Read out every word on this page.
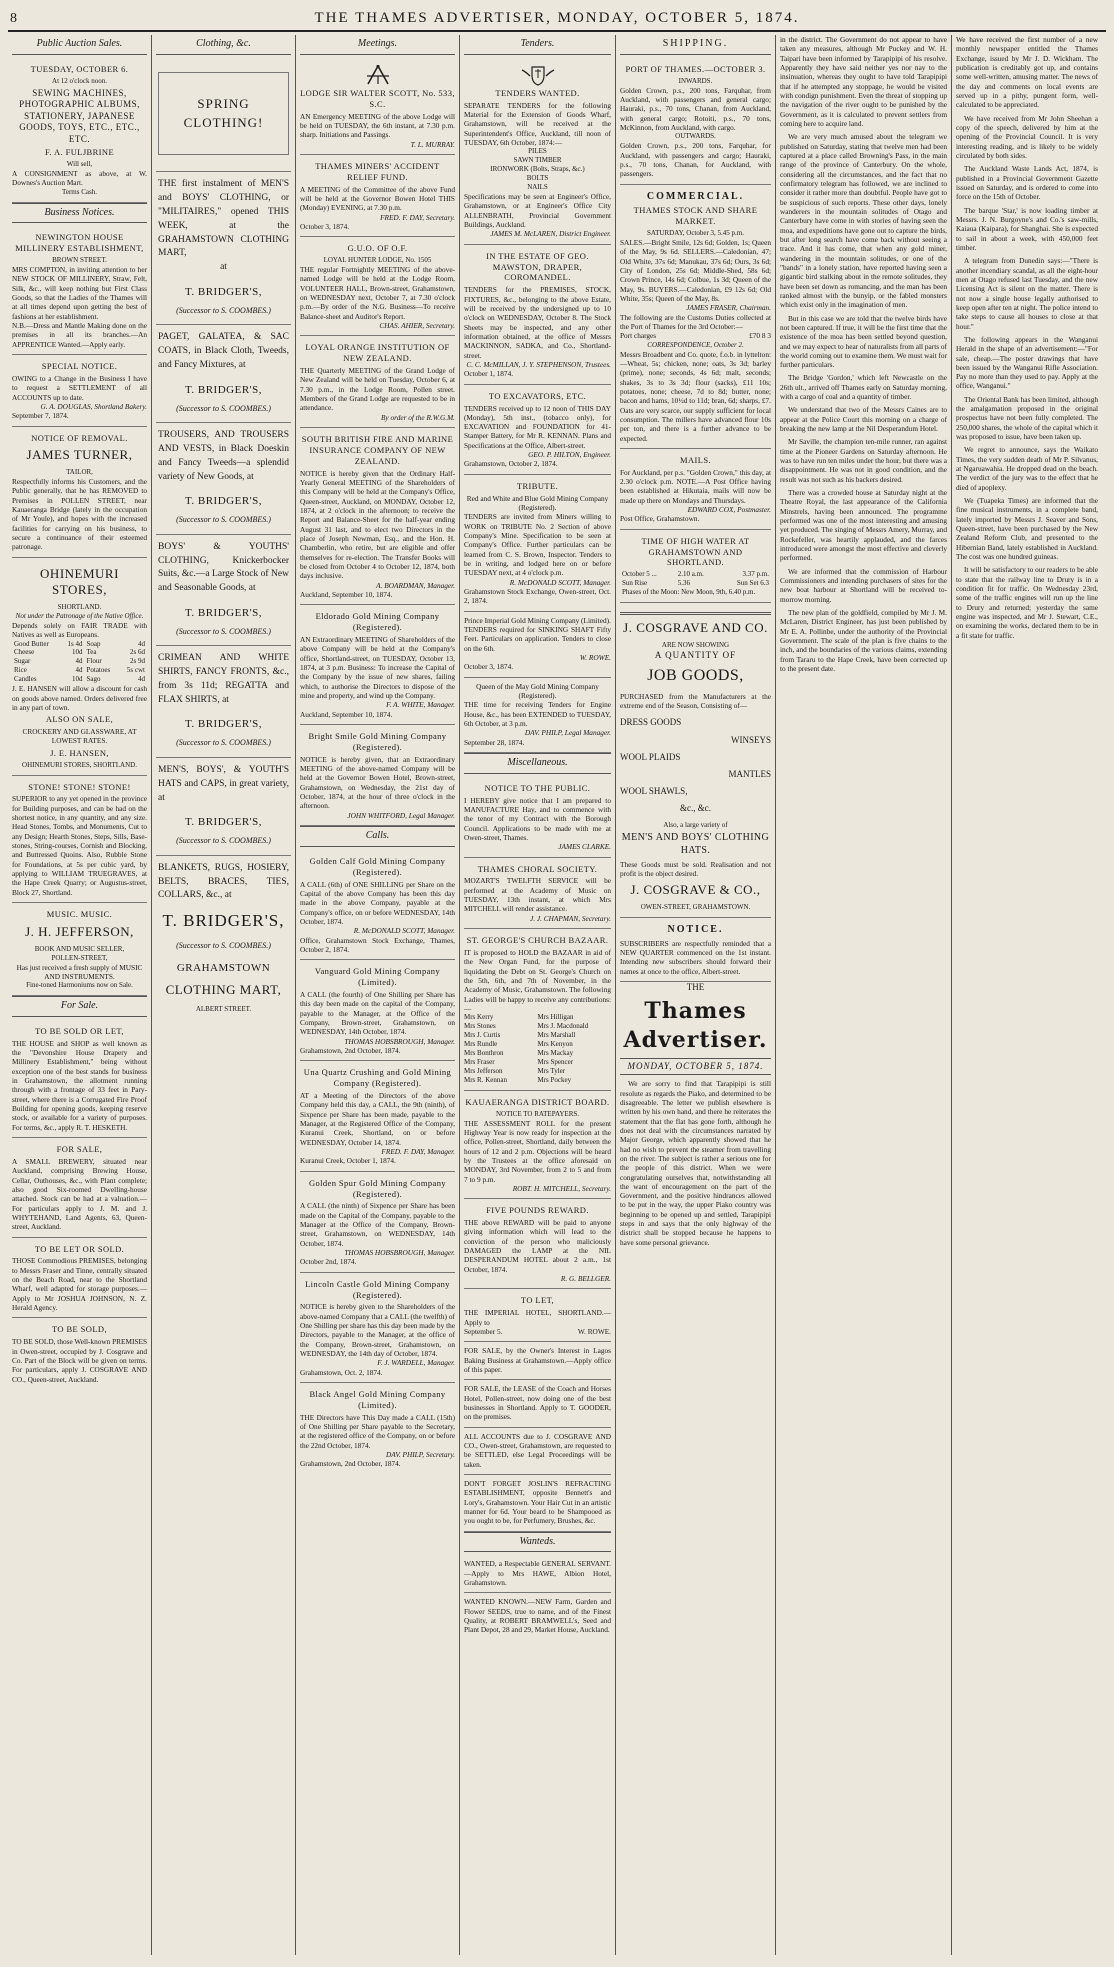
8	THE THAMES ADVERTISER, MONDAY, OCTOBER 5, 1874.
Public Auction Sales.
TUESDAY, OCTOBER 6.
At 12 o'clock noon.
SEWING MACHINES, PHOTOGRAPHIC ALBUMS, STATIONERY, JAPANESE GOODS, TOYS, ETC., ETC., ETC.
F. A. FULJBRINE
Will sell,
A CONSIGNMENT as above, at W. Downes's Auction Mart.
Terms Cash.
Business Notices.
NEWINGTON HOUSE MILLINERY ESTABLISHMENT,
BROWN STREET.
MRS COMPTON, in inviting attention to her NEW STOCK OF MILLINERY, Straw, Felt, Silk, &c., will keep nothing but First Class Goods, so that the Ladies of the Thames will at all times depend upon getting the best of fashions at her establishment.
N.B.—Dress and Mantle Making done on the premises in all its branches.—An APPRENTICE Wanted.—Apply early.
SPECIAL NOTICE.
OWING to a Change in the Business I have to request a SETTLEMENT of all ACCOUNTS up to date.
G. A. DOUGLAS, Shortland Bakery.
September 7, 1874.
NOTICE OF REMOVAL.
JAMES TURNER,
TAILOR,
Respectfully informs his Customers, and the Public generally, that he has REMOVED to Premises in POLLEN STREET, near Kauaeranga Bridge (lately in the occupation of Mr Youle), and hopes with the increased facilities for carrying on his business, to secure a continuance of their esteemed patronage.
OHINEMURI STORES,
SHORTLAND.
Not under the Patronage of the Native Office.
Depends solely on FAIR TRADE with Natives as well as Europeans.
Good Butter	1s 4d	Soap	4d
Cheese	10d	Tea	2s 6d
Sugar	4d	Flour	2s 9d
Rice	4d	Potatoes	5s cwt
Candles	10d	Sago	4d
J. E. HANSEN will allow a discount for cash on goods above named. Orders delivered free in any part of town.
ALSO ON SALE,
CROCKERY AND GLASSWARE, AT LOWEST RATES.
J. E. HANSEN,
OHINEMURI STORES, SHORTLAND.
STONE! STONE! STONE!
SUPERIOR to any yet opened in the province for Building purposes, and can be had on the shortest notice, in any quantity, and any size. Head Stones, Tombs, and Monuments, Cut to any Design; Hearth Stones, Steps, Sills, Base-stones, String-courses, Cornish and Blocking, and Buttressed Quoins. Also, Rubble Stone for Foundations, at 5s per cubic yard, by applying to WILLIAM TRUEGRAVES, at the Hape Creek Quarry; or Augustus-street, Block 27, Shortland.
MUSIC. MUSIC.
J. H. JEFFERSON,
BOOK AND MUSIC SELLER,
POLLEN-STREET,
Has just received a fresh supply of MUSIC AND INSTRUMENTS.
Fine-toned Harmoniums now on Sale.
For Sale.
TO BE SOLD OR LET,
THE HOUSE and SHOP as well known as the "Devonshire House Drapery and Millinery Establishment," being without exception one of the best stands for business in Grahamstown, the allotment running through with a frontage of 33 feet in Pary-street, where there is a Corrugated Fire Proof Building for opening goods, keeping reserve stock, or available for a variety of purposes. For terms, &c., apply R. T. HESKETH.
FOR SALE,
A SMALL BREWERY, situated near Auckland, comprising Brewing House, Cellar, Outhouses, &c., with Plant complete; also good Six-roomed Dwelling-house attached. Stock can be had at a valuation.—For particulars apply to J. M. and J. WHYTEHAND, Land Agents, 63, Queen-street, Auckland.
TO BE LET OR SOLD.
THOSE Commodious PREMISES, belonging to Messrs Fraser and Tinne, centrally situated on the Beach Road, near to the Shortland Wharf, well adapted for storage purposes.—Apply to Mr JOSHUA JOHNSON, N. Z. Herald Agency.
TO BE SOLD,
TO BE SOLD, those Well-known PREMISES in Owen-street, occupied by J. Cosgrave and Co. Part of the Block will be given on terms. For particulars, apply J. COSGRAVE AND CO., Queen-street, Auckland.
Clothing, &c.
SPRING CLOTHING!
THE first instalment of MEN'S and BOYS' CLOTHING, or "MILITAIRES," opened THIS WEEK, at the GRAHAMSTOWN CLOTHING MART,
at
T. BRIDGER'S,
(Successor to S. COOMBES.)
PAGET, GALATEA, & SAC COATS, in Black Cloth, Tweeds, and Fancy Mixtures, at
T. BRIDGER'S,
(Successor to S. COOMBES.)
TROUSERS, AND TROUSERS AND VESTS, in Black Doeskin and Fancy Tweeds—a splendid variety of New Goods, at
T. BRIDGER'S,
(Successor to S. COOMBES.)
BOYS' & YOUTHS' CLOTHING, Knickerbocker Suits, &c.—a Large Stock of New and Seasonable Goods, at
T. BRIDGER'S,
(Successor to S. COOMBES.)
CRIMEAN AND WHITE SHIRTS, FANCY FRONTS, &c., from 3s 11d; REGATTA and FLAX SHIRTS, at
T. BRIDGER'S,
(Successor to S. COOMBES.)
MEN'S, BOYS', & YOUTH'S HATS and CAPS, in great variety, at
T. BRIDGER'S,
(Successor to S. COOMBES.)
BLANKETS, RUGS, HOSIERY, BELTS, BRACES, TIES, COLLARS, &c., at
T. BRIDGER'S,
(Successor to S. COOMBES.)
GRAHAMSTOWN
CLOTHING MART,
ALBERT STREET.
Meetings.
LODGE SIR WALTER SCOTT, No. 533, S.C.
AN Emergency MEETING of the above Lodge will be held on TUESDAY, the 6th instant, at 7.30 p.m. sharp. Initiations and Passings.
T. L. MURRAY.
THAMES MINERS' ACCIDENT RELIEF FUND.
A MEETING of the Committee of the above Fund will be held at the Governor Bowen Hotel THIS (Monday) EVENING, at 7.30 p.m.
FRED. F. DAY, Secretary.
October 3, 1874.
G.U.O. OF O.F.
LOYAL HUNTER LODGE, No. 1505
THE regular Fortnightly MEETING of the above-named Lodge will be held at the Lodge Room, VOLUNTEER HALL, Brown-street, Grahamstown, on WEDNESDAY next, October 7, at 7.30 o'clock p.m.—By order of the N.G. Business—To receive Balance-sheet and Auditor's Report.
CHAS. AHIER, Secretary.
LOYAL ORANGE INSTITUTION OF NEW ZEALAND.
THE Quarterly MEETING of the Grand Lodge of New Zealand will be held on Tuesday, October 6, at 7.30 p.m., in the Lodge Room, Pollen street. Members of the Grand Lodge are requested to be in attendance.
By order of the R.W.G.M.
SOUTH BRITISH FIRE AND MARINE INSURANCE COMPANY OF NEW ZEALAND.
NOTICE is hereby given that the Ordinary Half-Yearly General MEETING of the Shareholders of this Company will be held at the Company's Office, Queen-street, Auckland, on MONDAY, October 12, 1874, at 2 o'clock in the afternoon; to receive the Report and Balance-Sheet for the half-year ending August 31 last, and to elect two Directors in the place of Joseph Newman, Esq., and the Hon. H. Chamberlin, who retire, but are eligible and offer themselves for re-election. The Transfer Books will be closed from October 4 to October 12, 1874, both days inclusive.
A. BOARDMAN, Manager.
Auckland, September 10, 1874.
Eldorado Gold Mining Company (Registered).
AN Extraordinary MEETING of Shareholders of the above Company will be held at the Company's office, Shortland-street, on TUESDAY, October 13, 1874, at 3 p.m. Business: To increase the Capital of the Company by the issue of new shares, failing which, to authorise the Directors to dispose of the mine and property, and wind up the Company.
F. A. WHITE, Manager.
Auckland, September 10, 1874.
Bright Smile Gold Mining Company (Registered).
NOTICE is hereby given, that an Extraordinary MEETING of the above-named Company will be held at the Governor Bowen Hotel, Brown-street, Grahamstown, on Wednesday, the 21st day of October, 1874, at the hour of three o'clock in the afternoon.
JOHN WHITFORD, Legal Manager.
Calls.
Golden Calf Gold Mining Company (Registered).
A CALL (6th) of ONE SHILLING per Share on the Capital of the above Company has been this day made in the above Company, payable at the Company's office, on or before WEDNESDAY, 14th October, 1874.
R. McDONALD SCOTT, Manager.
Office, Grahamstown Stock Exchange, Thames, October 2, 1874.
Vanguard Gold Mining Company (Limited).
A CALL (the fourth) of One Shilling per Share has this day been made on the capital of the Company, payable to the Manager, at the Office of the Company, Brown-street, Grahamstown, on WEDNESDAY, 14th October, 1874.
THOMAS HOBSBROUGH, Manager.
Grahamstown, 2nd October, 1874.
Una Quartz Crushing and Gold Mining Company (Registered).
AT a Meeting of the Directors of the above Company held this day, a CALL, the 9th (ninth), of Sixpence per Share has been made, payable to the Manager, at the Registered Office of the Company, Kuranui Creek, Shortland, on or before WEDNESDAY, October 14, 1874.
FRED. F. DAY, Manager.
Kuranui Creek, October 1, 1874.
Golden Spur Gold Mining Company (Registered).
A CALL (the ninth) of Sixpence per Share has been made on the Capital of the Company, payable to the Manager at the Office of the Company, Brown-street, Grahamstown, on WEDNESDAY, 14th October, 1874.
THOMAS HOBSBROUGH, Manager.
October 2nd, 1874.
Lincoln Castle Gold Mining Company (Registered).
NOTICE is hereby given to the Shareholders of the above-named Company that a CALL (the twelfth) of One Shilling per share has this day been made by the Directors, payable to the Manager, at the office of the Company, Brown-street, Grahamstown, on WEDNESDAY, the 14th day of October, 1874.
F. J. WARDELL, Manager.
Grahamstown, Oct. 2, 1874.
Black Angel Gold Mining Company (Limited).
THE Directors have This Day made a CALL (15th) of One Shilling per Share payable to the Secretary, at the registered office of the Company, on or before the 22nd October, 1874.
DAV. PHILP, Secretary.
Grahamstown, 2nd October, 1874.
Tenders.
TENDERS WANTED.
SEPARATE TENDERS for the following Material for the Extension of Goods Wharf, Grahamstown, will be received at the Superintendent's Office, Auckland, till noon of TUESDAY, 6th October, 1874:—
PILES
SAWN TIMBER
IRONWORK (Bolts, Straps, &c.)
BOLTS
NAILS
Specifications may be seen at Engineer's Office, Grahamstown, or at Engineer's Office City ALLENBRATH, Provincial Government Buildings, Auckland.
JAMES M. McLAREN, District Engineer.
IN THE ESTATE OF GEO. MAWSTON, DRAPER, COROMANDEL.
TENDERS for the PREMISES, STOCK, FIXTURES, &c., belonging to the above Estate, will be received by the undersigned up to 10 o'clock on WEDNESDAY, October 8. The Stock Sheets may be inspected, and any other information obtained, at the office of Messrs MACKINNON, SADKA, and Co., Shortland-street.
C. C. McMILLAN, J. Y. STEPHENSON, Trustees.
October 1, 1874.
TO EXCAVATORS, ETC.
TENDERS received up to 12 noon of THIS DAY (Monday), 5th inst., (tobacco only), for EXCAVATION and FOUNDATION for 41-Stamper Battery, for Mr R. KENNAN. Plans and Specifications at the Office, Albert-street.
GEO. P. HILTON, Engineer.
Grahamstown, October 2, 1874.
TRIBUTE.
Red and White and Blue Gold Mining Company (Registered).
TENDERS are invited from Miners willing to WORK on TRIBUTE No. 2 Section of above Company's Mine. Specification to be seen at Company's Office. Further particulars can be learned from C. S. Brown, Inspector. Tenders to be in writing, and lodged here on or before TUESDAY next, at 4 o'clock p.m.
R. McDONALD SCOTT, Manager.
Grahamstown Stock Exchange, Owen-street, Oct. 2, 1874.
Prince Imperial Gold Mining Company (Limited).
TENDERS required for SINKING SHAFT Fifty Feet. Particulars on application. Tenders to close on the 6th.
W. ROWE.
October 3, 1874.
Queen of the May Gold Mining Company (Registered).
THE time for receiving Tenders for Engine House, &c., has been EXTENDED to TUESDAY, 6th October, at 3 p.m.
DAV. PHILP, Legal Manager.
September 28, 1874.
Miscellaneous.
NOTICE TO THE PUBLIC.
I HEREBY give notice that I am prepared to MANUFACTURE Hay, and to commence with the tenor of my Contract with the Borough Council. Applications to be made with me at Owen-street, Thames.
JAMES CLARKE.
THAMES CHORAL SOCIETY.
MOZART'S TWELFTH SERVICE will be performed at the Academy of Music on TUESDAY, 13th instant, at which Mrs MITCHELL will render assistance.
J. J. CHAPMAN, Secretary.
ST. GEORGE'S CHURCH BAZAAR.
IT is proposed to HOLD the BAZAAR in aid of the New Organ Fund, for the purpose of liquidating the Debt on St. George's Church on the 5th, 6th, and 7th of November, in the Academy of Music, Grahamstown. The following Ladies will be happy to receive any contributions:—
Mrs Kerry	Mrs Hilligan
Mrs Stones	Mrs J. Macdonald
Mrs J. Curtis	Mrs Marshall
Mrs Rundle	Mrs Kenyon
Mrs Bonthron	Mrs Mackay
Mrs Fraser	Mrs Spencer
Mrs Jefferson	Mrs Tyler
Mrs R. Kennan	Mrs Pockey
KAUAERANGA DISTRICT BOARD.
NOTICE TO RATEPAYERS.
THE ASSESSMENT ROLL for the present Highway Year is now ready for inspection at the office, Pollen-street, Shortland, daily between the hours of 12 and 2 p.m. Objections will be heard by the Trustees at the office aforesaid on MONDAY, 3rd November, from 2 to 5 and from 7 to 9 p.m.
ROBT. H. MITCHELL, Secretary.
FIVE POUNDS REWARD.
THE above REWARD will be paid to anyone giving information which will lead to the conviction of the person who maliciously DAMAGED the LAMP at the NIL DESPERANDUM HOTEL about 2 a.m., 1st October, 1874.
R. G. BELLGER.
TO LET,
THE IMPERIAL HOTEL, SHORTLAND.—Apply to
September 5.	W. ROWE.
FOR SALE, by the Owner's Interest in Lagos Baking Business at Grahamstown.—Apply office of this paper.
FOR SALE, the LEASE of the Coach and Horses Hotel, Pollen-street, now doing one of the best businesses in Shortland. Apply to T. GOODER, on the premises.
ALL ACCOUNTS due to J. COSGRAVE AND CO., Owen-street, Grahamstown, are requested to be SETTLED, else Legal Proceedings will be taken.
DON'T FORGET JOSLIN'S REFRACTING ESTABLISHMENT, opposite Bennett's and Lory's, Grahamstown. Your Hair Cut in an artistic manner for 6d. Your beard to be Shampooed as you ought to be, for Perfumery, Brushes, &c.
Wanteds.
WANTED, a Respectable GENERAL SERVANT.—Apply to Mrs HAWE, Albion Hotel, Grahamstown.
WANTED KNOWN.—NEW Farm, Garden and Flower SEEDS, true to name, and of the Finest Quality, at ROBERT BRAMWELL's, Seed and Plant Depot, 28 and 29, Market House, Auckland.
SHIPPING.
PORT OF THAMES.—OCTOBER 3.
INWARDS.
Golden Crown, p.s., 200 tons, Farquhar, from Auckland, with passengers and general cargo; Hauraki, p.s., 70 tons, Chanan, from Auckland, with general cargo; Rotoiti, p.s., 70 tons, McKinnon, from Auckland, with cargo.
OUTWARDS.
Golden Crown, p.s., 200 tons, Farquhar, for Auckland, with passengers and cargo; Hauraki, p.s., 70 tons, Chanan, for Auckland, with passengers.
COMMERCIAL.
THAMES STOCK AND SHARE MARKET.
SATURDAY, October 3, 5.45 p.m.
SALES.—Bright Smile, 12s 6d; Golden, 1s; Queen of the May, 9s 6d. SELLERS.—Caledonian, 47; Old White, 37s 6d; Manukau, 37s 6d; Ours, 3s 6d; City of London, 25s 6d; Middle-Shed, 58s 6d; Crown Prince, 14s 6d; Colbue, 1s 3d; Queen of the May, 9s. BUYERS.—Caledonian, £9 12s 6d; Old White, 35s; Queen of the May, 8s.
JAMES FRASER, Chairman.
The following are the Customs Duties collected at the Port of Thames for the 3rd October:—
Port charges	£70 8 3
CORRESPONDENCE, October 2.
Messrs Broadbent and Co. quote, f.o.b. in lyttelton:—Wheat, 5s; chicken, none; oats, 3s 3d; barley (prime), none; seconds, 4s 6d; malt, seconds; shakes, 3s to 3s 3d; flour (sacks), £11 10s; potatoes, none; cheese, 7d to 8d; butter, none; bacon and hams, 10½d to 11d; bran, 6d; sharps, £7. Oats are very scarce, our supply sufficient for local consumption. The millers have advanced flour 10s per ton, and there is a further advance to be expected.
MAILS.
For Auckland, per p.s. "Golden Crown," this day, at 2.30 o'clock p.m. NOTE.—A Post Office having been established at Hikutaia, mails will now be made up there on Mondays and Thursdays.
EDWARD COX, Postmaster.
Post Office, Grahamstown.
TIME OF HIGH WATER AT GRAHAMSTOWN AND SHORTLAND.
October 5 ...	2.10 a.m.	3.37 p.m.
Sun Rise	5.36	Sun Set 6.3
Phases of the Moon: New Moon, 9th, 6.40 p.m.		
J. COSGRAVE AND CO.
ARE NOW SHOWING
A QUANTITY OF
JOB GOODS,
PURCHASED from the Manufacturers at the extreme end of the Season, Consisting of—
DRESS GOODS
WINSEYS
WOOL PLAIDS
MANTLES
WOOL SHAWLS,
&c., &c.
Also, a large variety of
MEN'S AND BOYS' CLOTHING HATS.
These Goods must be sold. Realisation and not profit is the object desired.
J. COSGRAVE & CO.,
OWEN-STREET, GRAHAMSTOWN.
NOTICE.
SUBSCRIBERS are respectfully reminded that a NEW QUARTER commenced on the 1st instant. Intending new subscribers should forward their names at once to the office, Albert-street.
THE
Thames Advertiser.
MONDAY, OCTOBER 5, 1874.
We are sorry to find that Tarapipipi is still resolute as regards the Piako, and determined to be disagreeable. The letter we publish elsewhere is written by his own hand, and there he reiterates the statement that the flat has gone forth, although he does not deal with the circumstances narrated by Major George, which apparently showed that he had no wish to prevent the steamer from travelling on the river. The subject is rather a serious one for the people of this district. When we were congratulating ourselves that, notwithstanding all the want of encouragement on the part of the Government, and the positive hindrances allowed to be put in the way, the upper Piako country was beginning to be opened up and settled, Tarapipipi steps in and says that the only highway of the district shall be stopped because he happens to have some personal grievance.
in the district. The Government do not appear to have taken any measures, although Mr Puckey and W. H. Taipari have been informed by Tarapipipi of his resolve. Apparently they have said neither yes nor nay to the insinuation, whereas they ought to have told Tarapipipi that if he attempted any stoppage, he would be visited with condign punishment. Even the threat of stopping up the navigation of the river ought to be punished by the Government, as it is calculated to prevent settlers from coming here to acquire land.
We are very much amused about the telegram we published on Saturday, stating that twelve men had been captured at a place called Browning's Pass, in the main range of the province of Canterbury. On the whole, considering all the circumstances, and the fact that no confirmatory telegram has followed, we are inclined to consider it rather more than doubtful. People have got to be suspicious of such reports. These other days, lonely wanderers in the mountain solitudes of Otago and Canterbury have come in with stories of having seen the moa, and expeditions have gone out to capture the birds, but after long search have come back without seeing a trace. And it has come, that when any gold miner, wandering in the mountain solitudes, or one of the "bands" in a lonely station, have reported having seen a gigantic bird stalking about in the remote solitudes, they have been set down as romancing, and the man has been ranked almost with the bunyip, or the fabled monsters which exist only in the imagination of men.
But in this case we are told that the twelve birds have not been captured. If true, it will be the first time that the existence of the moa has been settled beyond question, and we may expect to hear of naturalists from all parts of the world coming out to examine them. We must wait for further particulars.
The Bridge 'Gordon,' which left Newcastle on the 26th ult., arrived off Thames early on Saturday morning, with a cargo of coal and a quantity of timber.
We understand that two of the Messrs Caines are to appear at the Police Court this morning on a charge of breaking the new lamp at the Nil Desperandum Hotel.
Mr Saville, the champion ten-mile runner, ran against time at the Pioneer Gardens on Saturday afternoon. He was to have run ten miles under the hour, but there was a disappointment. He was not in good condition, and the result was not such as his backers desired.
There was a crowded house at Saturday night at the Theatre Royal, the last appearance of the California Minstrels, having been announced. The programme performed was one of the most interesting and amusing yet produced. The singing of Messrs Amery, Murray, and Rockefeller, was heartily applauded, and the farces introduced were amongst the most effective and cleverly performed.
We are informed that the commission of Harbour Commissioners and intending purchasers of sites for the new boat harbour at Shortland will be received to-morrow morning.
The new plan of the goldfield, compiled by Mr J. M. McLaren, District Engineer, has just been published by Mr E. A. Pollinbe, under the authority of the Provincial Government. The scale of the plan is five chains to the inch, and the boundaries of the various claims, extending from Tararu to the Hape Creek, have been corrected up to the present date.
We have received the first number of a new monthly newspaper entitled the Thames Exchange, issued by Mr J. D. Wickham. The publication is creditably got up, and contains some well-written, amusing matter. The news of the day and comments on local events are served up in a pithy, pungent form, well-calculated to be appreciated.
We have received from Mr John Sheehan a copy of the speech, delivered by him at the opening of the Provincial Council. It is very interesting reading, and is likely to be widely circulated by both sides.
The Auckland Waste Lands Act, 1874, is published in a Provincial Government Gazette issued on Saturday, and is ordered to come into force on the 15th of October.
The barque 'Star,' is now loading timber at Messrs. J. N. Burgoyne's and Co.'s saw-mills, Kaiaua (Kaipara), for Shanghai. She is expected to sail in about a week, with 450,000 feet timber.
A telegram from Dunedin says:—"There is another incendiary scandal, as all the eight-hour men at Otago refused last Tuesday, and the new Licensing Act is silent on the matter. There is not now a single house legally authorised to keep open after ten at night. The police intend to take steps to cause all houses to close at that hour."
The following appears in the Wanganui Herald in the shape of an advertisement:—"For sale, cheap.—The poster drawings that have been issued by the Wanganui Rifle Association. Pay no more than they used to pay. Apply at the office, Wanganui."
The Oriental Bank has been limited, although the amalgamation proposed in the original prospectus have not been fully completed. The 250,000 shares, the whole of the capital which it was proposed to issue, have been taken up.
We regret to announce, says the Waikato Times, the very sudden death of Mr P. Silvanus, at Ngaruawahia. He dropped dead on the beach. The verdict of the jury was to the effect that he died of apoplexy.
We (Tuapeka Times) are informed that the fine musical instruments, in a complete band, lately imported by Messrs J. Seaver and Sons, Queen-street, have been purchased by the New Zealand Reform Club, and presented to the Hibernian Band, lately established in Auckland. The cost was one hundred guineas.
It will be satisfactory to our readers to be able to state that the railway line to Drury is in a condition fit for traffic. On Wednesday 23rd, some of the traffic engines will run up the line to Drury and returned; yesterday the same engine was inspected, and Mr J. Stewart, C.E., on examining the works, declared them to be in a fit state for traffic.
